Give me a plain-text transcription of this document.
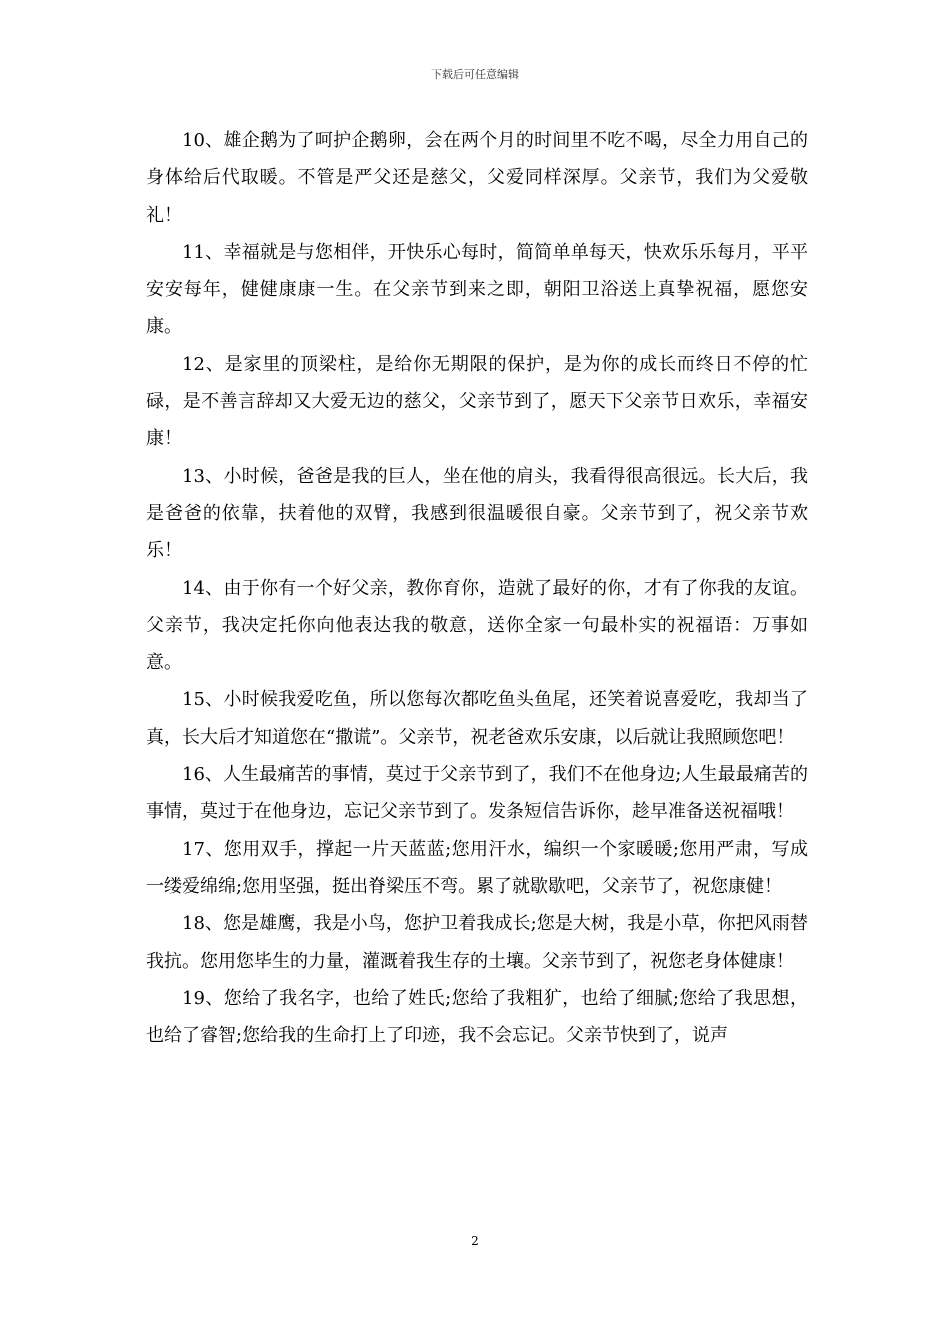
下载后可任意编辑

10、雄企鹅为了呵护企鹅卵，会在两个月的时间里不吃不喝，尽全力用自己的身体给后代取暖。不管是严父还是慈父，父爱同样深厚。父亲节，我们为父爱敬礼！

11、幸福就是与您相伴，开快乐心每时，简简单单每天，快欢乐乐每月，平平安安每年，健健康康一生。在父亲节到来之即，朝阳卫浴送上真挚祝福，愿您安康。

12、是家里的顶梁柱，是给你无期限的保护，是为你的成长而终日不停的忙碌，是不善言辞却又大爱无边的慈父，父亲节到了，愿天下父亲节日欢乐，幸福安康！

13、小时候，爸爸是我的巨人，坐在他的肩头，我看得很高很远。长大后，我是爸爸的依靠，扶着他的双臂，我感到很温暖很自豪。父亲节到了，祝父亲节欢乐！

14、由于你有一个好父亲，教你育你，造就了最好的你，才有了你我的友谊。父亲节，我决定托你向他表达我的敬意，送你全家一句最朴实的祝福语：万事如意。

15、小时候我爱吃鱼，所以您每次都吃鱼头鱼尾，还笑着说喜爱吃，我却当了真，长大后才知道您在“撒谎”。父亲节，祝老爸欢乐安康，以后就让我照顾您吧！

16、人生最痛苦的事情，莫过于父亲节到了，我们不在他身边;人生最最痛苦的事情，莫过于在他身边，忘记父亲节到了。发条短信告诉你，趁早准备送祝福哦！

17、您用双手，撑起一片天蓝蓝;您用汗水，编织一个家暖暖;您用严肃，写成一缕爱绵绵;您用坚强，挺出脊梁压不弯。累了就歇歇吧，父亲节了，祝您康健！

18、您是雄鹰，我是小鸟，您护卫着我成长;您是大树，我是小草，你把风雨替我抗。您用您毕生的力量，灌溉着我生存的土壤。父亲节到了，祝您老身体健康！

19、您给了我名字，也给了姓氏;您给了我粗犷，也给了细腻;您给了我思想，也给了睿智;您给我的生命打上了印迹，我不会忘记。父亲节快到了，说声

2
